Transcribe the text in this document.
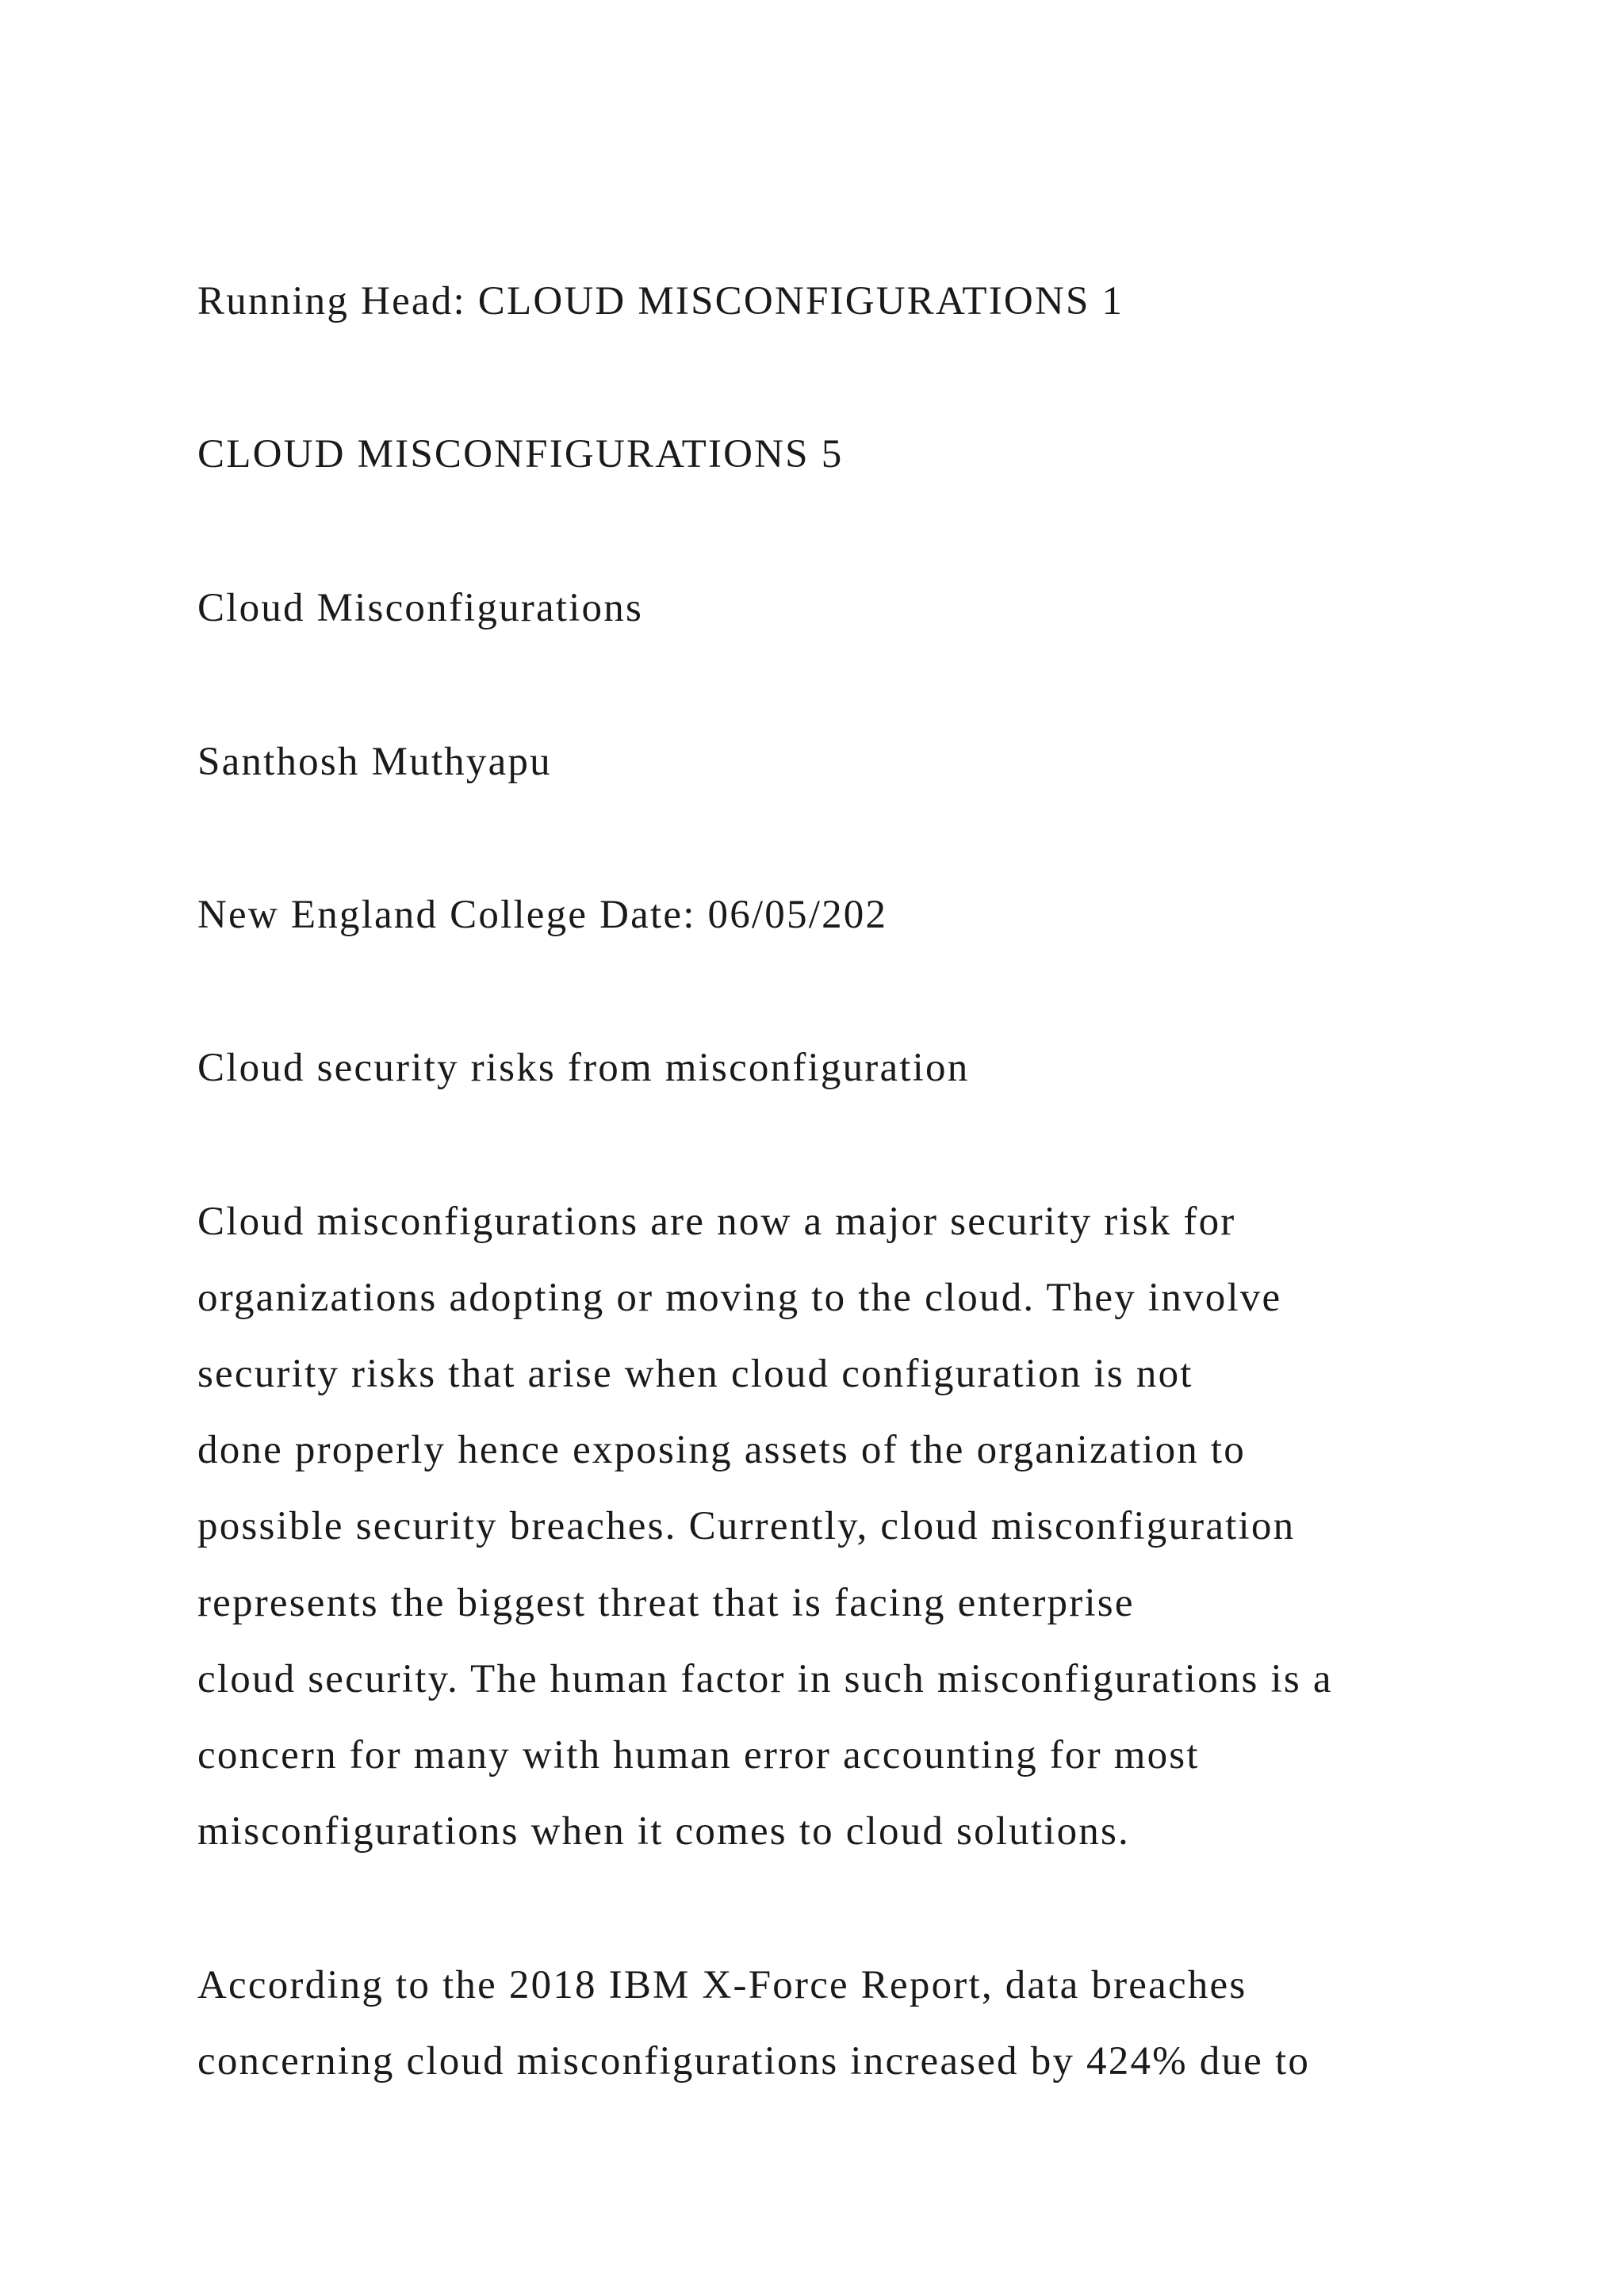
Running Head: CLOUD MISCONFIGURATIONS 1
CLOUD MISCONFIGURATIONS 5
Cloud Misconfigurations
Santhosh Muthyapu
New England College Date: 06/05/202
Cloud security risks from misconfiguration
Cloud misconfigurations are now a major security risk for
organizations adopting or moving to the cloud. They involve
security risks that arise when cloud configuration is not
done properly hence exposing assets of the organization to
possible security breaches. Currently, cloud misconfiguration
represents the biggest threat that is facing enterprise
cloud security. The human factor in such misconfigurations is a
concern for many with human error accounting for most
misconfigurations when it comes to cloud solutions.
According to the 2018 IBM X-Force Report, data breaches
concerning cloud misconfigurations increased by 424% due to
